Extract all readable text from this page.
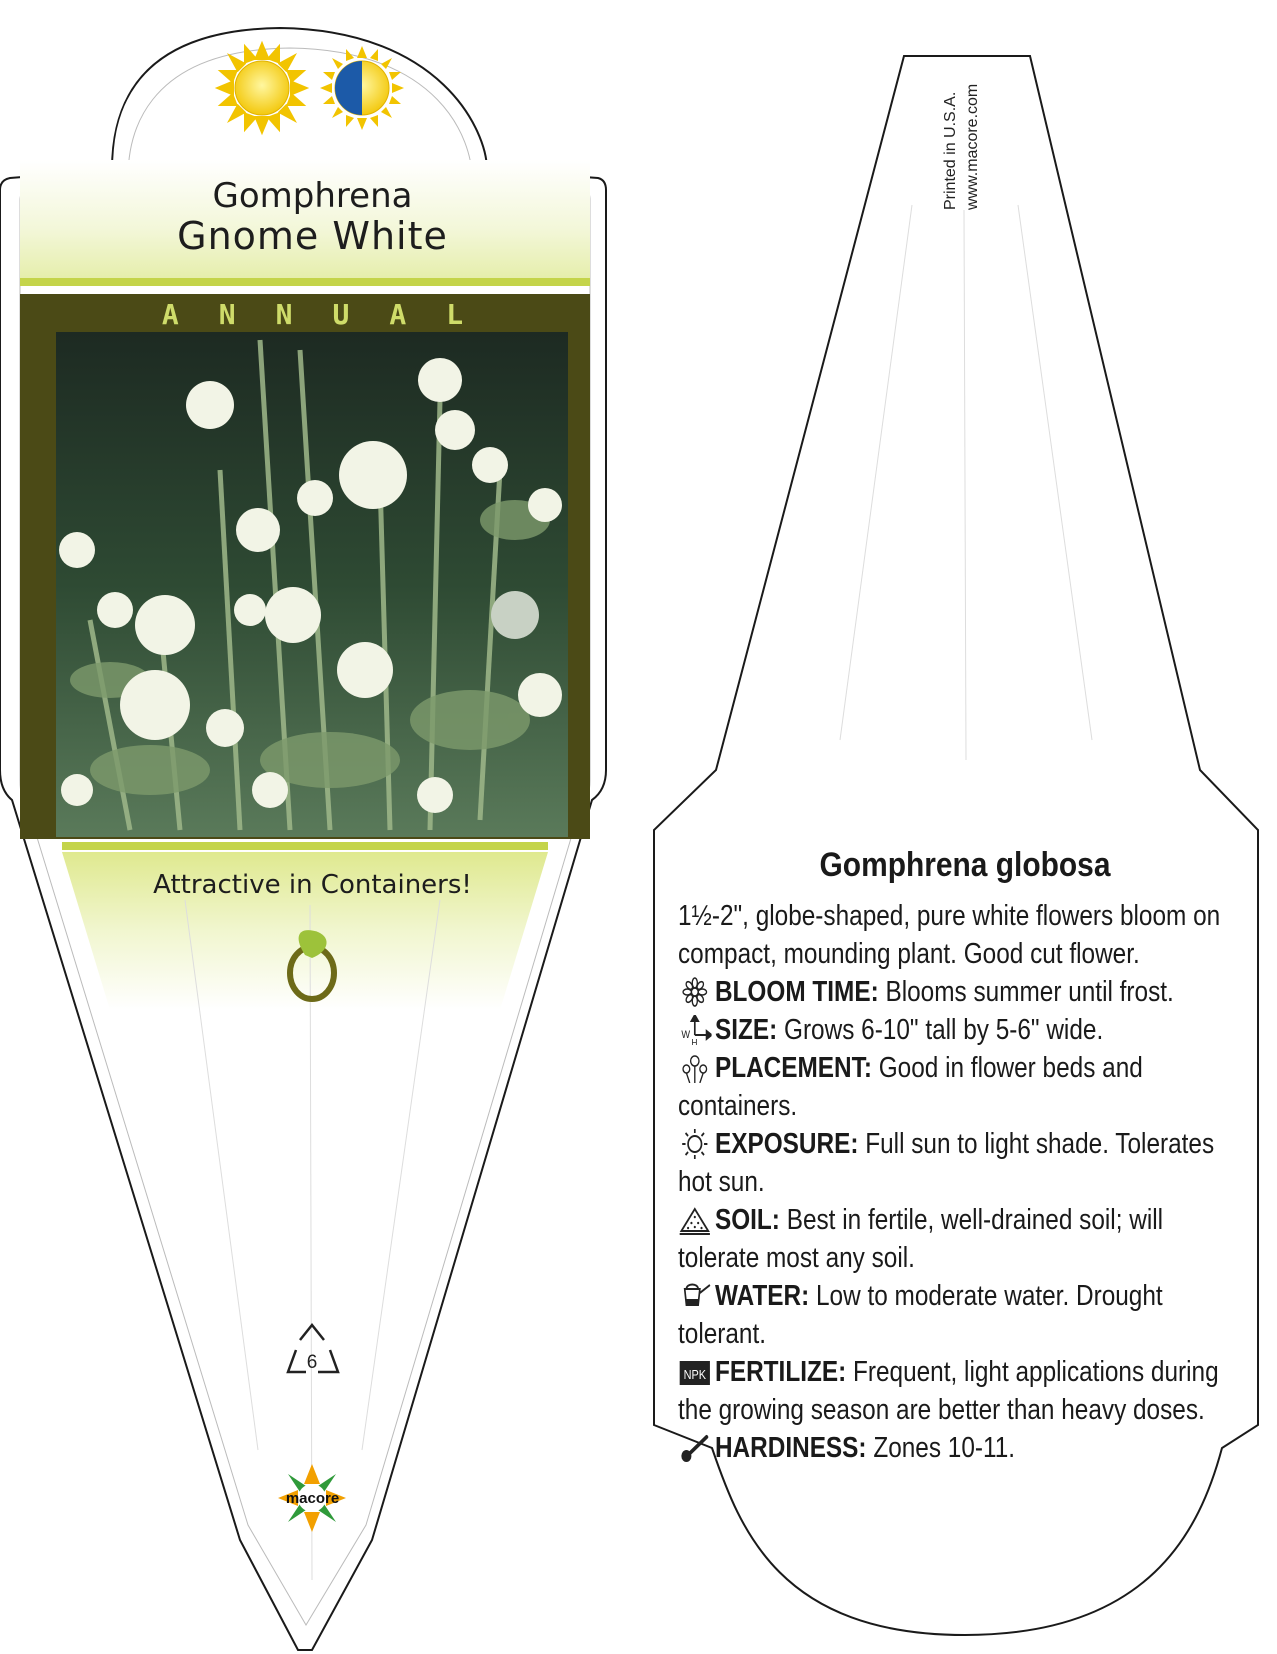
Gomphrena
Gnome White
ANNUAL
Attractive in Containers!
6
macore
Printed in U.S.A. www.macore.com
Gomphrena globosa

1½-2", globe-shaped, pure white flowers bloom on compact, mounding plant. Good cut flower.

BLOOM TIME: Blooms summer until frost.

W
H SIZE: Grows 6-10" tall by 5-6" wide.

PLACEMENT: Good in flower beds and containers.

EXPOSURE: Full sun to light shade. Tolerates hot sun.

SOIL: Best in fertile, well-drained soil; will tolerate most any soil.

WATER: Low to moderate water. Drought tolerant.

NPK FERTILIZE: Frequent, light applications during the growing season are better than heavy doses.

HARDINESS: Zones 10-11.
